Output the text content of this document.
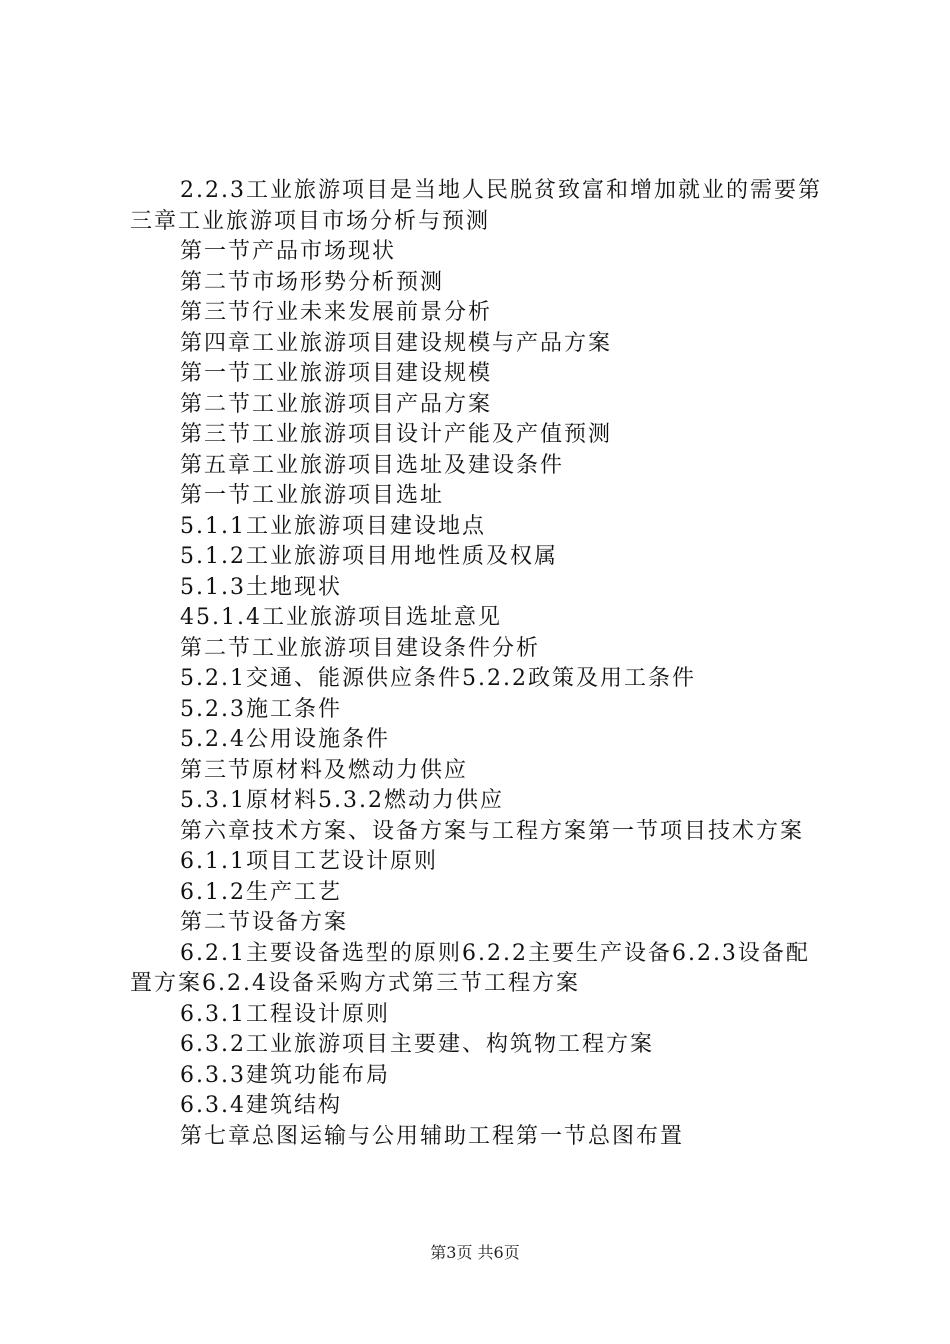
2.2.3工业旅游项目是当地人民脱贫致富和增加就业的需要第三章工业旅游项目市场分析与预测
第一节产品市场现状
第二节市场形势分析预测
第三节行业未来发展前景分析
第四章工业旅游项目建设规模与产品方案
第一节工业旅游项目建设规模
第二节工业旅游项目产品方案
第三节工业旅游项目设计产能及产值预测
第五章工业旅游项目选址及建设条件
第一节工业旅游项目选址
5.1.1工业旅游项目建设地点
5.1.2工业旅游项目用地性质及权属
5.1.3土地现状
45.1.4工业旅游项目选址意见
第二节工业旅游项目建设条件分析
5.2.1交通、能源供应条件5.2.2政策及用工条件
5.2.3施工条件
5.2.4公用设施条件
第三节原材料及燃动力供应
5.3.1原材料5.3.2燃动力供应
第六章技术方案、设备方案与工程方案第一节项目技术方案
6.1.1项目工艺设计原则
6.1.2生产工艺
第二节设备方案
6.2.1主要设备选型的原则6.2.2主要生产设备6.2.3设备配置方案6.2.4设备采购方式第三节工程方案
6.3.1工程设计原则
6.3.2工业旅游项目主要建、构筑物工程方案
6.3.3建筑功能布局
6.3.4建筑结构
第七章总图运输与公用辅助工程第一节总图布置
第3页 共6页
